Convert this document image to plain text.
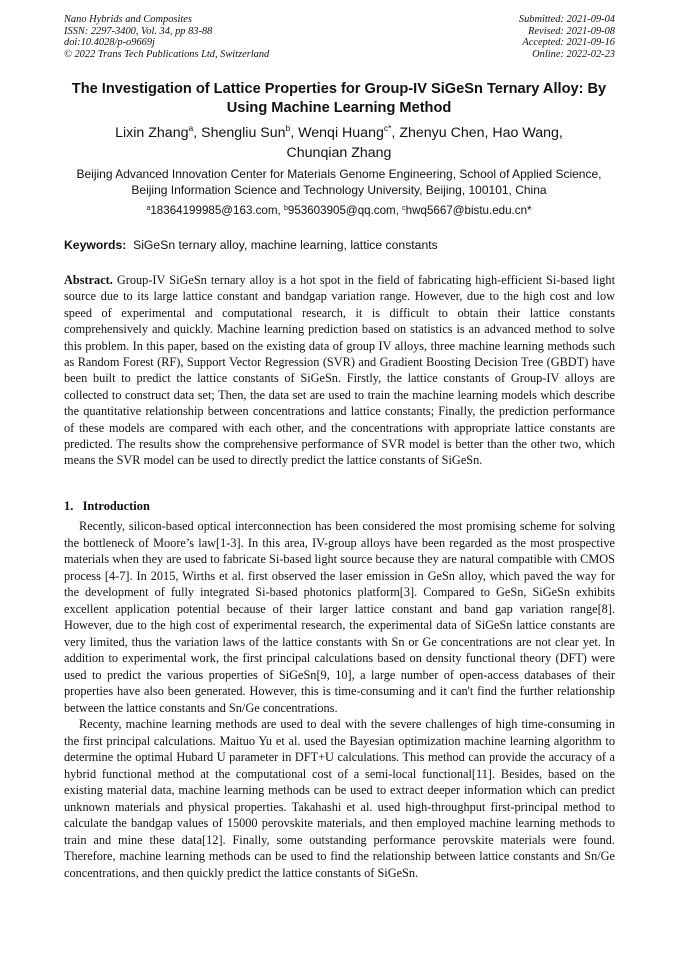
Nano Hybrids and Composites
ISSN: 2297-3400, Vol. 34, pp 83-88
doi:10.4028/p-o9669j
© 2022 Trans Tech Publications Ltd, Switzerland
Submitted: 2021-09-04
Revised: 2021-09-08
Accepted: 2021-09-16
Online: 2022-02-23
The Investigation of Lattice Properties for Group-IV SiGeSn Ternary Alloy: By Using Machine Learning Method
Lixin Zhang$^a$, Shengliu Sun$^b$, Wenqi Huang$^{c*}$, Zhenyu Chen, Hao Wang,
Chunqian Zhang
Beijing Advanced Innovation Center for Materials Genome Engineering, School of Applied Science, Beijing Information Science and Technology University, Beijing, 100101, China
$^a$18364199985@163.com, $^b$953603905@qq.com, $^c$hwq5667@bistu.edu.cn*
Keywords: SiGeSn ternary alloy, machine learning, lattice constants
Abstract. Group-IV SiGeSn ternary alloy is a hot spot in the field of fabricating high-efficient Si-based light source due to its large lattice constant and bandgap variation range. However, due to the high cost and low speed of experimental and computational research, it is difficult to obtain their lattice constants comprehensively and quickly. Machine learning prediction based on statistics is an advanced method to solve this problem. In this paper, based on the existing data of group IV alloys, three machine learning methods such as Random Forest (RF), Support Vector Regression (SVR) and Gradient Boosting Decision Tree (GBDT) have been built to predict the lattice constants of SiGeSn. Firstly, the lattice constants of Group-IV alloys are collected to construct data set; Then, the data set are used to train the machine learning models which describe the quantitative relationship between concentrations and lattice constants; Finally, the prediction performance of these models are compared with each other, and the concentrations with appropriate lattice constants are predicted. The results show the comprehensive performance of SVR model is better than the other two, which means the SVR model can be used to directly predict the lattice constants of SiGeSn.
1.   Introduction

Recently, silicon-based optical interconnection has been considered the most promising scheme for solving the bottleneck of Moore’s law[1-3]. In this area, IV-group alloys have been regarded as the most prospective materials when they are used to fabricate Si-based light source because they are natural compatible with CMOS process [4-7]. In 2015, Wirths et al. first observed the laser emission in GeSn alloy, which paved the way for the development of fully integrated Si-based photonics platform[3]. Compared to GeSn, SiGeSn exhibits excellent application potential because of their larger lattice constant and band gap variation range[8]. However, due to the high cost of experimental research, the experimental data of SiGeSn lattice constants are very limited, thus the variation laws of the lattice constants with Sn or Ge concentrations are not clear yet. In addition to experimental work, the first principal calculations based on density functional theory (DFT) were used to predict the various properties of SiGeSn[9, 10], a large number of open-access databases of their properties have also been generated. However, this is time-consuming and it can't find the further relationship between the lattice constants and Sn/Ge concentrations.

Recenty, machine learning methods are used to deal with the severe challenges of high time-consuming in the first principal calculations. Maituo Yu et al. used the Bayesian optimization machine learning algorithm to determine the optimal Hubard U parameter in DFT+U calculations. This method can provide the accuracy of a hybrid functional method at the computational cost of a semi-local functional[11]. Besides, based on the existing material data, machine learning methods can be used to extract deeper information which can predict unknown materials and physical properties. Takahashi et al. used high-throughput first-principal method to calculate the bandgap values of 15000 perovskite materials, and then employed machine learning methods to train and mine these data[12]. Finally, some outstanding performance perovskite materials were found. Therefore, machine learning methods can be used to find the relationship between lattice constants and Sn/Ge concentrations, and then quickly predict the lattice constants of SiGeSn.
